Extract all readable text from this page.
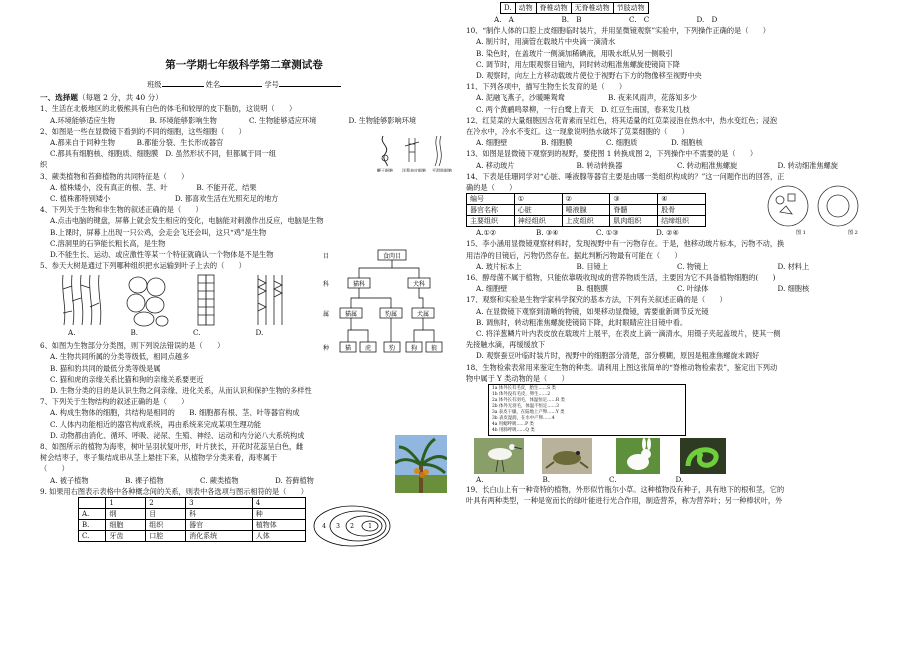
第一学期七年级科学第二章测试卷
班级	姓名	学号
一、选择题（每题 2 分，共 40 分）

1、生活在北极地区的北极熊具有白色的体毛和较厚的皮下脂肪，这说明（　　）

A.环境能够适应生物	B. 环境能够影响生物	C. 生物能够适应环境	D. 生物能够影响环境

2、如图是一些在显微镜下看到的不同的细胞，这些细胞（　　）

A.都来自于同种生物　　　	B.都能分裂、生长形成器官

C.都具有细胞核、细胞质、细胞膜　 D. 虽然形状不同，但都属于同一组

织

鞭子细胞 洋葱表皮细胞 平滑肌细胞

3、蕨类植物和苔藓植物的共同特征是（　　）

A. 植株矮小，没有真正的根、茎、叶　　　　	B. 不能开花、结果

C. 植株都特别矮小　　　　　　　　　	D. 都喜欢生活在光照充足的地方

4、下列关于生物和非生物的叙述正确的是（　　）

A.点击电脑的键盘，屏幕上就会发生相应的变化，电脑能对刺激作出反应，电脑是生物

B.上课时，屏幕上出现一只公鸡，会走会飞还会叫，这只“鸡”是生物

C.溶洞里的石笋能长粗长高，是生物

D.不能生长、运动、或应激性等某一个特征就确认一个物体是不是生物

5、参天大树是通过下列哪种组织把水运输到叶子上去的（　　）

A.	B.	C.	D.
食肉目
猫科	犬科
猫属	豹属	犬属
猫 虎	豹	狗 狼
目
科
属
种

6、如图为生物部分分类图，则下列说法错误的是（　　）

A. 生物共同所属的分类等级低，相同点越多

B. 猫和豹共同的最低分类等级是属

C. 猫和虎的亲缘关系比猫和狗的亲缘关系要更近

D. 生物分类的目的是认识生物之间亲缘、进化关系，从而认识和保护生物的多样性

7、下列关于生物结构的叙述正确的是（　　）

A. 构成生物体的细胞，共结构是相同的　　B. 细胞都有根、茎、叶等器官构成

C. 人体内功能相近的器官构成系统，再由系统来完成某项生理功能

D. 动物都由消化、循环、呼吸、泌尿、生殖、神经、运动和内分泌八大系统构成

8、如图所示的植物为海枣，树叶呈羽状复叶形，叶片狭长，开花时花蕊呈白色，雌

树会结枣子，枣子集结成串从茎上悬挂下来，从植物学分类来看，海枣属于

（　　）

A. 被子植物	B. 裸子植物	C. 蕨类植物	D. 苔藓植物

9. 如果用右图表示表格中各种概念间的关系，则表中各选项与图示相符的是（　　）

	1	2	3	4
A.	纲	目	科	种
B.	细胞	组织	器官	植物体
C.	牙齿	口腔	消化系统	人体
4 3 2 1
D.	动物	脊椎动物	无脊椎动物	节肢动物
A.　A	B.　B	C.　C	D.　D

10、“制作人体的口腔上皮细胞临时装片，并用显微镜观察”实验中，下列操作正确的是（　　）

A. 制片时，用滴管在载玻片中央滴一滴清水

B. 染色时，在盖玻片一侧滴加稀碘液，用吸水纸从另一侧吸引

C. 调节时，用左眼观察目镜内，同时转动粗准焦螺旋使镜筒下降

D. 观察时，向左上方移动载玻片使位于视野右下方的物像移至视野中央

11、下列各项中，描写生物生长发育的是（　　）

A. 泥融飞燕子，沙暖睡鸳鸯　　　　　　	B. 夜来风雨声，花落知多少

C. 两个黄鹂鸣翠柳，一行白鹭上青天　 D. 红豆生南国，春来发几枝

12、红苋菜的大量细胞因含花青素而呈红色，将其适量的红苋菜浸泡在热水中，热水变红色；浸泡

在冷水中，冷水不变红。这一现象说明热水破坏了苋菜细胞的（　　）

A. 细胞壁	B. 细胞膜	C. 细胞质	D. 细胞核

13、如图是显微镜下观察到的视野，要使图 1 转换成图 2，下列操作中不需要的是（　　）

A. 移动玻片	B. 转动转换器	C. 转动粗准焦螺旋	D. 转动细准焦螺旋

14、下表是佳珊同学对“心脏、唾液腺等器官主要是由哪一类组织构成的？”这一问题作出的回答，正

确的是（　　）

编号	①	②	③	④
器官名称	心脏	唾液腺	脊髓	股骨
主要组织	神经组织	上皮组织	肌肉组织	结缔组织
A.①②	B. ③④	C. ①③	D. ②④	图 1	图 2

15、李小涵用显微镜观察材料时，发现视野中有一污物存在。于是，他移动玻片标本，污物不动，换

用洁净的目镜后，污物仍然存在。据此判断污物最有可能在（　　）

A. 玻片标本上	B. 目镜上	C. 物镜上	D. 材料上

16、醇母菌不属于植物，只能依靠吸收现成的营养物质生活，主要因为它不具备植物细胞的(　　)

A. 细胞壁	B. 细胞膜	C. 叶绿体	D. 细胞核

17、观察和实验是生物学家科学探究的基本方法，下列有关叙述正确的是（　　）

A. 在显微镜下观察到清晰的物镜，如果移动显微镜，需要重新调节反光镜

B. 调焦时，转动粗准焦螺旋使镜筒下降，此时眼睛应注目镜中看。

C. 将洋葱鳞片叶内表皮放在载玻片上展平，在表皮上滴一滴清水，用镊子夹起盖玻片，使其一侧

先接触水滴，再缓缓放下

D. 观察蚕豆叶临时装片时，视野中的细胞部分清楚，部分模糊，原因是粗准焦螺旋未调好

18、生物检索表常用来鉴定生物的种类。请利用上图这张简单的“脊椎动物检索表”，鉴定出下列动

物中属于 Y 类动物的是（　　）

1a 体外长有毛皮，胎生……S 类
1b 体外没有毛皮，卵生……2
2a 体外长有羽毛，体温恒定……R 类
2b 体外无羽毛，体温不恒定……3
3a 表皮干燥，在陆地上产卵……Y 类
3b 表皮湿润，在水中产卵……4
4a 用鳃呼吸……P 类
4b 用肺呼吸……Q 类
A.	B.	C.	D.

19、长白山上有一种奇特的植物，外形似竹瓶尔小草。这种植物没有种子，具有地下的根和茎，它的

叶具有两种类型，一种是宽而长的绿叶能进行光合作用，制造营养，称为营养叶；另一种棒状叶，外
